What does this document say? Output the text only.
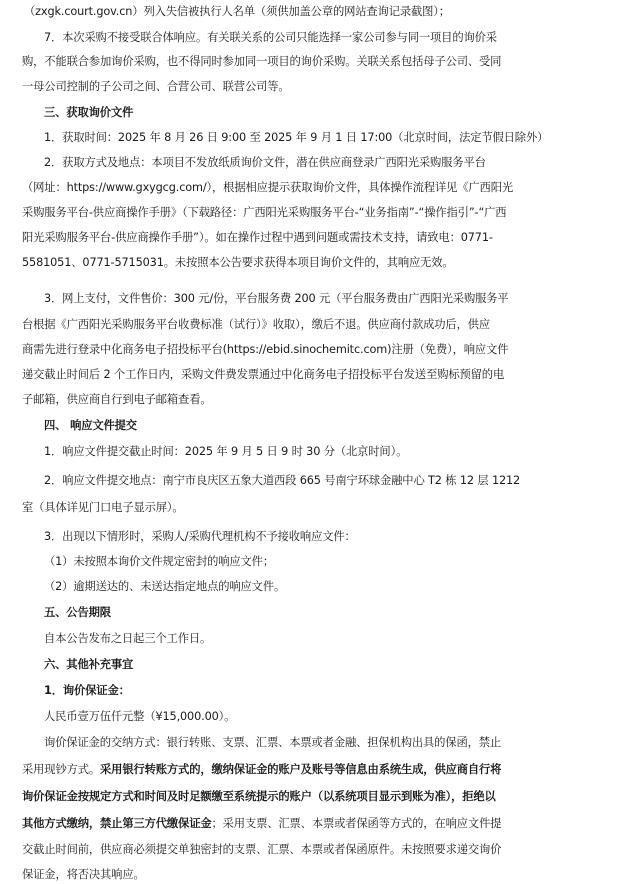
（zxgk.court.gov.cn）列入失信被执行人名单（须供加盖公章的网站查询记录截图）；
7．本次采购不接受联合体响应。有关联关系的公司只能选择一家公司参与同一项目的询价采
购，不能联合参加询价采购，也不得同时参加同一项目的询价采购。关联关系包括母子公司、受同
一母公司控制的子公司之间、合营公司、联营公司等。
三、获取询价文件
1．获取时间：2025 年 8 月 26 日 9:00 至 2025 年 9 月 1 日 17:00（北京时间，法定节假日除外）
2．获取方式及地点：本项目不发放纸质询价文件，潜在供应商登录广西阳光采购服务平台
（网址：https://www.gxygcg.com/），根据相应提示获取询价文件，具体操作流程详见《广西阳光
采购服务平台-供应商操作手册》（下载路径：广西阳光采购服务平台-“业务指南”-“操作指引”-“广西
阳光采购服务平台-供应商操作手册”）。如在操作过程中遇到问题或需技术支持，请致电：0771-
5581051、0771-5715031。未按照本公告要求获得本项目询价文件的，其响应无效。
3．网上支付，文件售价：300 元/份，平台服务费 200 元（平台服务费由广西阳光采购服务平
台根据《广西阳光采购服务平台收费标准（试行）》收取），缴后不退。供应商付款成功后，供应
商需先进行登录中化商务电子招投标平台(https://ebid.sinochemitc.com)注册（免费），响应文件
递交截止时间后 2 个工作日内，采购文件费发票通过中化商务电子招投标平台发送至购标预留的电
子邮箱，供应商自行到电子邮箱查看。
四、 响应文件提交
1．响应文件提交截止时间：2025 年 9 月 5 日 9 时 30 分（北京时间）。
2．响应文件提交地点：南宁市良庆区五象大道西段 665 号南宁环球金融中心 T2 栋 12 层 1212
室（具体详见门口电子显示屏）。
3．出现以下情形时，采购人/采购代理机构不予接收响应文件：
（1）未按照本询价文件规定密封的响应文件；
（2）逾期送达的、未送达指定地点的响应文件。
五、公告期限
自本公告发布之日起三个工作日。
六、其他补充事宜
1．询价保证金：
人民币壹万伍仟元整（¥15,000.00）。
询价保证金的交纳方式：银行转账、支票、汇票、本票或者金融、担保机构出具的保函，禁止
采用现钞方式。采用银行转账方式的，缴纳保证金的账户及账号等信息由系统生成，供应商自行将
询价保证金按规定方式和时间及时足额缴至系统提示的账户（以系统项目显示到账为准），拒绝以
其他方式缴纳，禁止第三方代缴保证金；采用支票、汇票、本票或者保函等方式的，在响应文件提
交截止时间前，供应商必须提交单独密封的支票、汇票、本票或者保函原件。未按照要求递交询价
保证金，将否决其响应。
